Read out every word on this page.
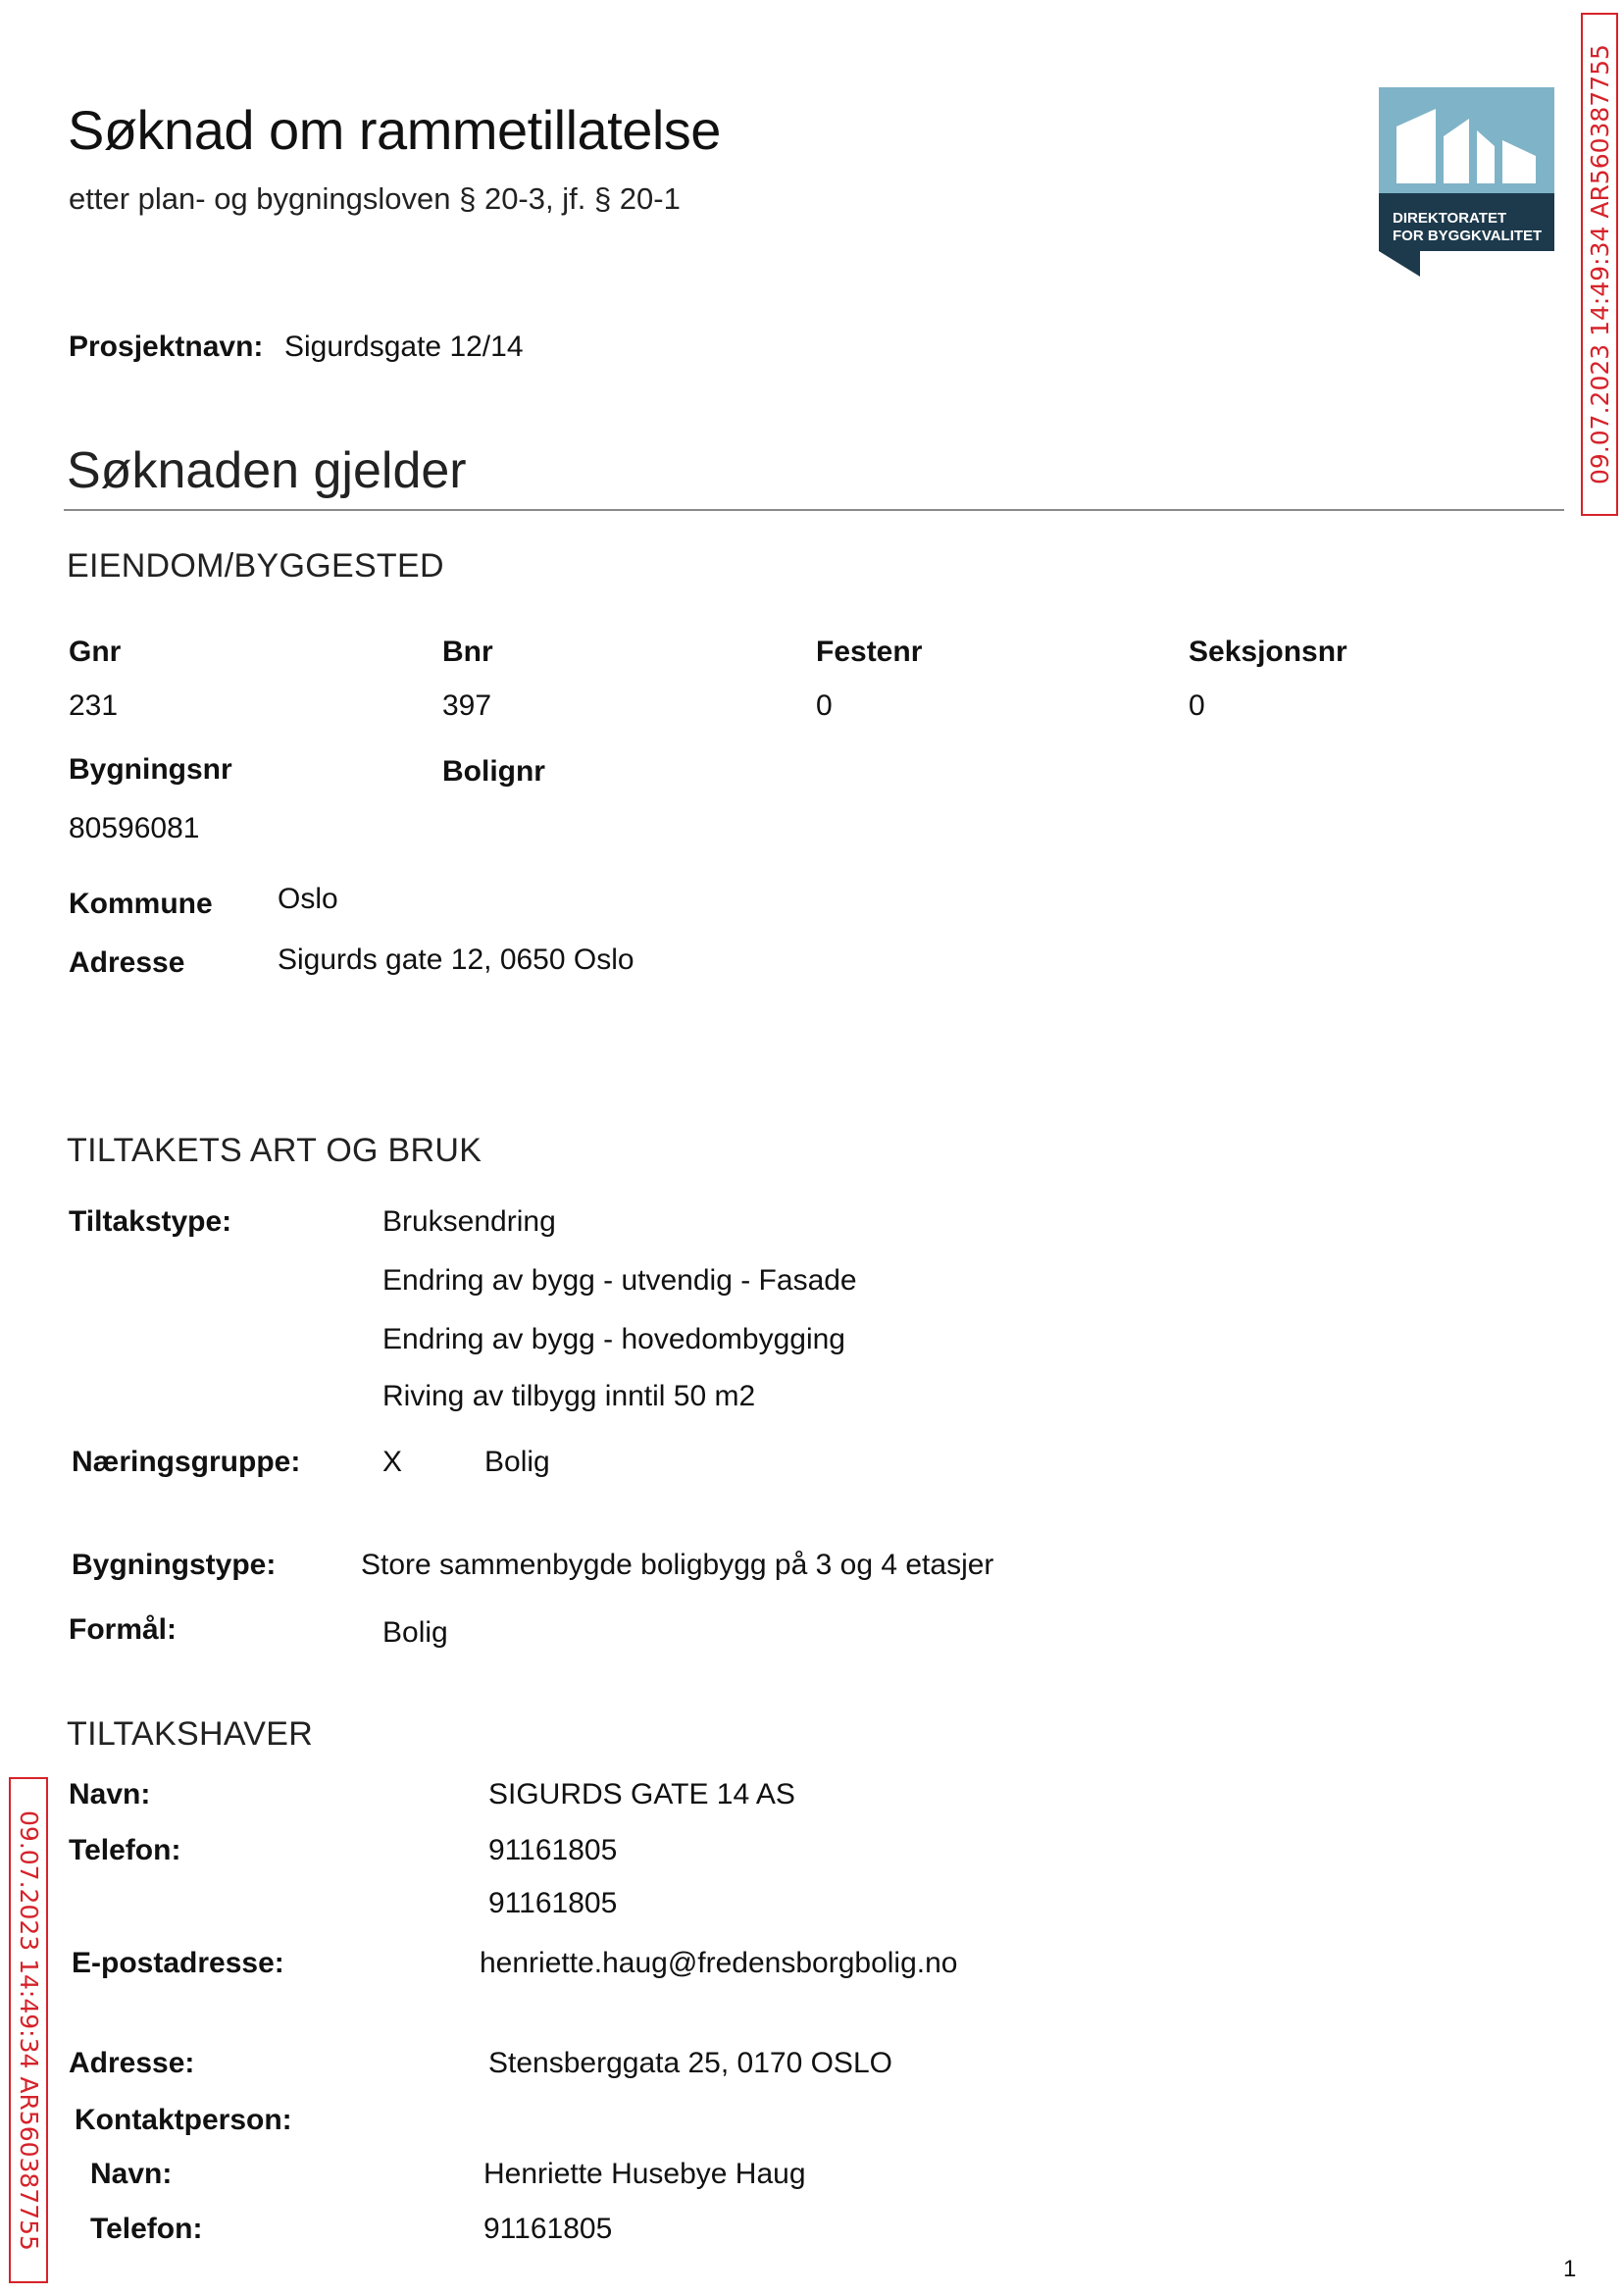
Søknad om rammetillatelse
etter plan- og bygningsloven § 20-3, jf. § 20-1
DIREKTORATET
FOR BYGGKVALITET 09.07.2023 14:49:34 AR560387755
Prosjektnavn: Sigurdsgate 12/14
Søknaden gjelder
EIENDOM/BYGGESTED
Gnr
231
Bnr
397
Festenr
0
Seksjonsnr
0
Bygningsnr
80596081
Bolignr
Kommune Oslo
Adresse	Sigurds gate 12, 0650 Oslo
TILTAKETS ART OG BRUK
Tiltakstype:	Bruksendring
Endring av bygg - utvendig - Fasade
Endring av bygg - hovedombygging
Riving av tilbygg inntil 50 m2
Næringsgruppe:	X	Bolig
Bygningstype:	Store sammenbygde boligbygg på 3 og 4 etasjer
Formål:	Bolig
TILTAKSHAVER
Navn:	SIGURDS GATE 14 AS
Telefon:	91161805
91161805
E-postadresse:	henriette.haug@fredensborgbolig.no
Adresse:	Stensberggata 25, 0170 OSLO
Kontaktperson:
Navn:	Henriette Husebye Haug
Telefon:	91161805
09.07.2023 14:49:34 AR560387755
1
